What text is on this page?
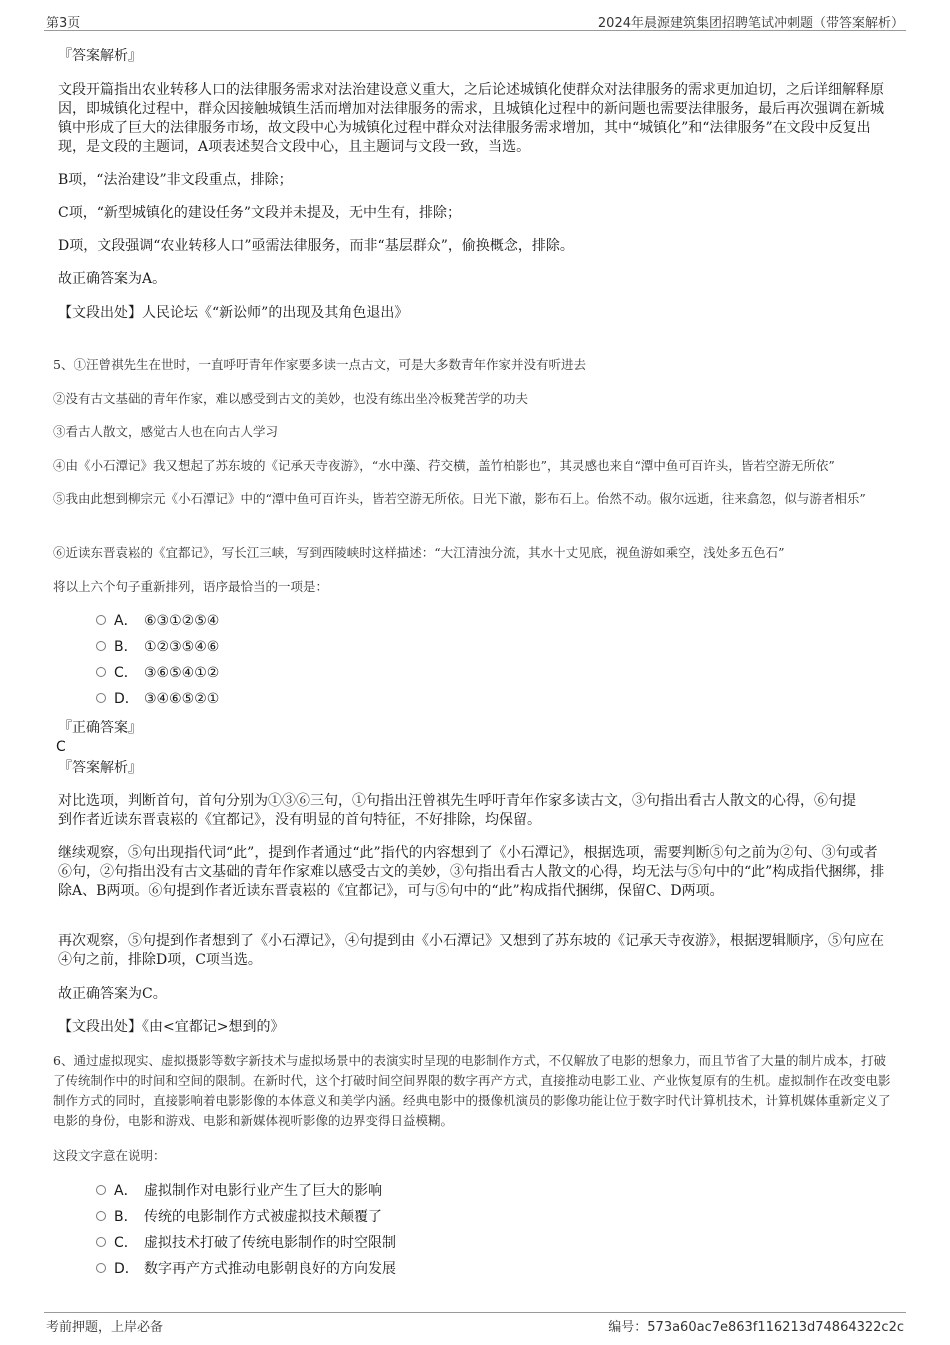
第3页	2024年晨源建筑集团招聘笔试冲刺题（带答案解析）
『答案解析』
文段开篇指出农业转移人口的法律服务需求对法治建设意义重大，之后论述城镇化使群众对法律服务的需求更加迫切，之后详细解释原因，即城镇化过程中，群众因接触城镇生活而增加对法律服务的需求，且城镇化过程中的新问题也需要法律服务，最后再次强调在新城镇中形成了巨大的法律服务市场，故文段中心为城镇化过程中群众对法律服务需求增加，其中“城镇化”和“法律服务”在文段中反复出现，是文段的主题词，A项表述契合文段中心，且主题词与文段一致，当选。
B项，“法治建设”非文段重点，排除；
C项，“新型城镇化的建设任务”文段并未提及，无中生有，排除；
D项，文段强调“农业转移人口”亟需法律服务，而非“基层群众”，偷换概念，排除。
故正确答案为A。
【文段出处】人民论坛《“新讼师”的出现及其角色退出》
5、①汪曾祺先生在世时，一直呼吁青年作家要多读一点古文，可是大多数青年作家并没有听进去
②没有古文基础的青年作家，难以感受到古文的美妙，也没有练出坐冷板凳苦学的功夫
③看古人散文，感觉古人也在向古人学习
④由《小石潭记》我又想起了苏东坡的《记承天寺夜游》，“水中藻、荇交横，盖竹柏影也”，其灵感也来自“潭中鱼可百许头，皆若空游无所依”
⑤我由此想到柳宗元《小石潭记》中的“潭中鱼可百许头，皆若空游无所依。日光下澈，影布石上。佁然不动。俶尔远逝，往来翕忽，似与游者相乐”
⑥近读东晋袁崧的《宜都记》，写长江三峡，写到西陵峡时这样描述：“大江清浊分流，其水十丈见底，视鱼游如乘空，浅处多五色石”
将以上六个句子重新排列，语序最恰当的一项是：
A． ⑥③①②⑤④
B． ①②③⑤④⑥
C． ③⑥⑤④①②
D． ③④⑥⑤②①
『正确答案』
C
『答案解析』
对比选项，判断首句，首句分别为①③⑥三句，①句指出汪曾祺先生呼吁青年作家多读古文，③句指出看古人散文的心得，⑥句提到作者近读东晋袁崧的《宜都记》，没有明显的首句特征，不好排除，均保留。
继续观察，⑤句出现指代词“此”，提到作者通过“此”指代的内容想到了《小石潭记》，根据选项，需要判断⑤句之前为②句、③句或者⑥句，②句指出没有古文基础的青年作家难以感受古文的美妙，③句指出看古人散文的心得，均无法与⑤句中的“此”构成指代捆绑，排除A、B两项。⑥句提到作者近读东晋袁崧的《宜都记》，可与⑤句中的“此”构成指代捆绑，保留C、D两项。
再次观察，⑤句提到作者想到了《小石潭记》，④句提到由《小石潭记》又想到了苏东坡的《记承天寺夜游》，根据逻辑顺序，⑤句应在④句之前，排除D项，C项当选。
故正确答案为C。
【文段出处】《由<宜都记>想到的》
6、通过虚拟现实、虚拟摄影等数字新技术与虚拟场景中的表演实时呈现的电影制作方式，不仅解放了电影的想象力，而且节省了大量的制片成本，打破了传统制作中的时间和空间的限制。在新时代，这个打破时间空间界限的数字再产方式，直接推动电影工业、产业恢复原有的生机。虚拟制作在改变电影制作方式的同时，直接影响着电影影像的本体意义和美学内涵。经典电影中的摄像机演员的影像功能让位于数字时代计算机技术，计算机媒体重新定义了电影的身份，电影和游戏、电影和新媒体视听影像的边界变得日益模糊。
这段文字意在说明：
A． 虚拟制作对电影行业产生了巨大的影响
B． 传统的电影制作方式被虚拟技术颠覆了
C． 虚拟技术打破了传统电影制作的时空限制
D． 数字再产方式推动电影朝良好的方向发展
考前押题，上岸必备	编号：573a60ac7e863f116213d74864322c2c
